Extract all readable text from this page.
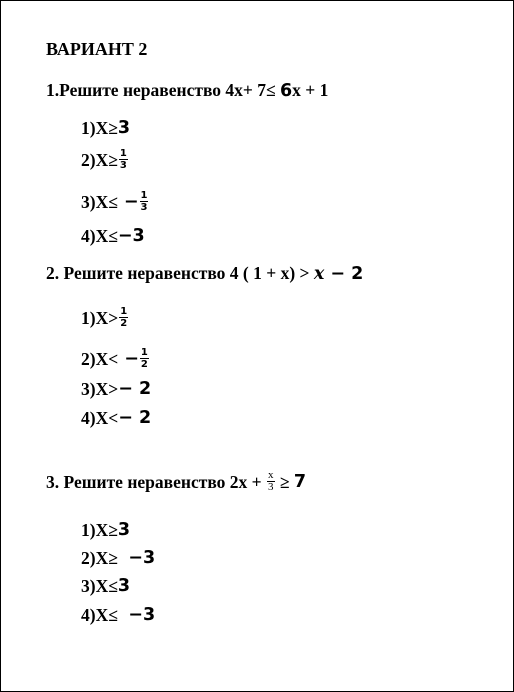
ВАРИАНТ 2
1.Решите неравенство 4x+ 7≤ 6x + 1
1)X≥ 3
$2)X\ge \frac{1}{3}$
$3)X\le - \frac{1}{3}$
4)X≤ −3
2. Решите неравенство 4 ( 1 + x) > x − 2
$1)X> \frac{1}{2}$
$2)X< - \frac{1}{2}$
3)X> − 2
4)X< − 2
3. Решите неравенство $2x + \frac{x}{3} \ge 7$
1)X≥ 3
2)X≥ −3
3)X≤ 3
4)X≤ −3
